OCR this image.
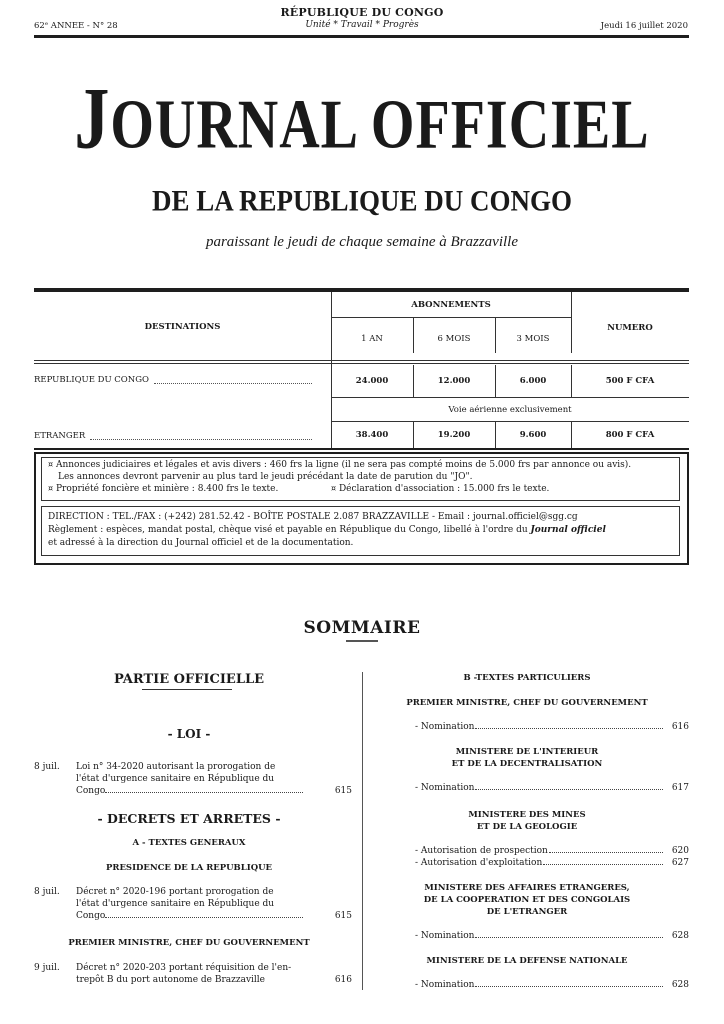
62ᵉ ANNEE - N° 28
RÉPUBLIQUE DU CONGO
Unité * Travail * Progrès	Jeudi 16 juillet 2020
JOURNAL OFFICIEL
DE LA REPUBLIQUE DU CONGO
paraissant le jeudi de chaque semaine à Brazzaville
DESTINATIONS
ABONNEMENTS
NUMERO
1 AN	6 MOIS	3 MOIS
REPUBLIQUE DU CONGO	24.000	12.000	6.000	500 F CFA
Voie aérienne exclusivement
ETRANGER	38.400	19.200	9.600	800 F CFA
¤ Annonces judiciaires et légales et avis divers : 460 frs la ligne (il ne sera pas compté moins de 5.000 frs par annonce ou avis).
Les annonces devront parvenir au plus tard le jeudi précédant la date de parution du "JO".
¤ Propriété foncière et minière : 8.400 frs le texte.	¤ Déclaration d'association : 15.000 frs le texte.
DIRECTION : TEL./FAX : (+242) 281.52.42 - BOÎTE POSTALE 2.087 BRAZZAVILLE - Email : journal.officiel@sgg.cg
Règlement : espèces, mandat postal, chèque visé et payable en République du Congo, libellé à l'ordre du Journal officiel
et adressé à la direction du Journal officiel et de la documentation.
SOMMAIRE
PARTIE OFFICIELLE
- LOI -
8 juil. Loi n° 34-2020 autorisant la prorogation de
l'état d'urgence sanitaire en République du
Congo	615
- DECRETS ET ARRETES -
A - TEXTES GENERAUX
PRESIDENCE DE LA REPUBLIQUE
8 juil. Décret n° 2020-196 portant prorogation de
l'état d'urgence sanitaire en République du
Congo	615
PREMIER MINISTRE, CHEF DU GOUVERNEMENT
9 juil. Décret n° 2020-203 portant réquisition de l'en-
trepôt B du port autonome de Brazzaville	616
B -TEXTES PARTICULIERS
PREMIER MINISTRE, CHEF DU GOUVERNEMENT
- Nomination	616
MINISTERE DE L'INTERIEUR
ET DE LA DECENTRALISATION
- Nomination	617
MINISTERE DES MINES
ET DE LA GEOLOGIE
- Autorisation de prospection	620
- Autorisation d'exploitation	627
MINISTERE DES AFFAIRES ETRANGERES,
DE LA COOPERATION ET DES CONGOLAIS
DE L'ETRANGER
- Nomination	628
MINISTERE DE LA DEFENSE NATIONALE
- Nomination	628
